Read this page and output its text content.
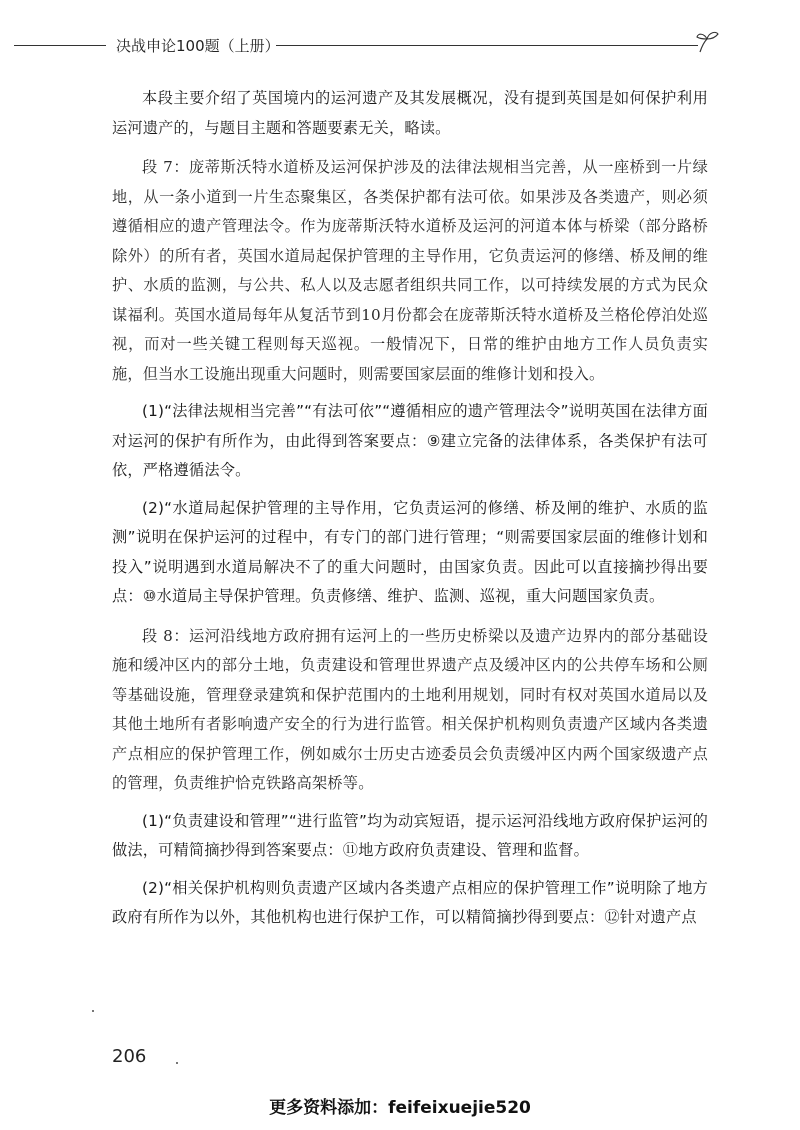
决战申论100题（上册）

本段主要介绍了英国境内的运河遗产及其发展概况，没有提到英国是如何保护利用运河遗产的，与题目主题和答题要素无关，略读。

段 7：庞蒂斯沃特水道桥及运河保护涉及的法律法规相当完善，从一座桥到一片绿地，从一条小道到一片生态聚集区，各类保护都有法可依。如果涉及各类遗产，则必须遵循相应的遗产管理法令。作为庞蒂斯沃特水道桥及运河的河道本体与桥梁（部分路桥除外）的所有者，英国水道局起保护管理的主导作用，它负责运河的修缮、桥及闸的维护、水质的监测，与公共、私人以及志愿者组织共同工作，以可持续发展的方式为民众谋福利。英国水道局每年从复活节到10月份都会在庞蒂斯沃特水道桥及兰格伦停泊处巡视，而对一些关键工程则每天巡视。一般情况下，日常的维护由地方工作人员负责实施，但当水工设施出现重大问题时，则需要国家层面的维修计划和投入。

(1)“法律法规相当完善”“有法可依”“遵循相应的遗产管理法令”说明英国在法律方面对运河的保护有所作为，由此得到答案要点：⑨建立完备的法律体系，各类保护有法可依，严格遵循法令。

(2)“水道局起保护管理的主导作用，它负责运河的修缮、桥及闸的维护、水质的监测”说明在保护运河的过程中，有专门的部门进行管理；“则需要国家层面的维修计划和投入”说明遇到水道局解决不了的重大问题时，由国家负责。因此可以直接摘抄得出要点：⑩水道局主导保护管理。负责修缮、维护、监测、巡视，重大问题国家负责。

段 8：运河沿线地方政府拥有运河上的一些历史桥梁以及遗产边界内的部分基础设施和缓冲区内的部分土地，负责建设和管理世界遗产点及缓冲区内的公共停车场和公厕等基础设施，管理登录建筑和保护范围内的土地利用规划，同时有权对英国水道局以及其他土地所有者影响遗产安全的行为进行监管。相关保护机构则负责遗产区域内各类遗产点相应的保护管理工作，例如威尔士历史古迹委员会负责缓冲区内两个国家级遗产点的管理，负责维护恰克铁路高架桥等。

(1)“负责建设和管理”“进行监管”均为动宾短语，提示运河沿线地方政府保护运河的做法，可精简摘抄得到答案要点：⑪地方政府负责建设、管理和监督。

(2)“相关保护机构则负责遗产区域内各类遗产点相应的保护管理工作”说明除了地方政府有所作为以外，其他机构也进行保护工作，可以精简摘抄得到要点：⑫针对遗产点

206
更多资料添加：feifeixuejie520
